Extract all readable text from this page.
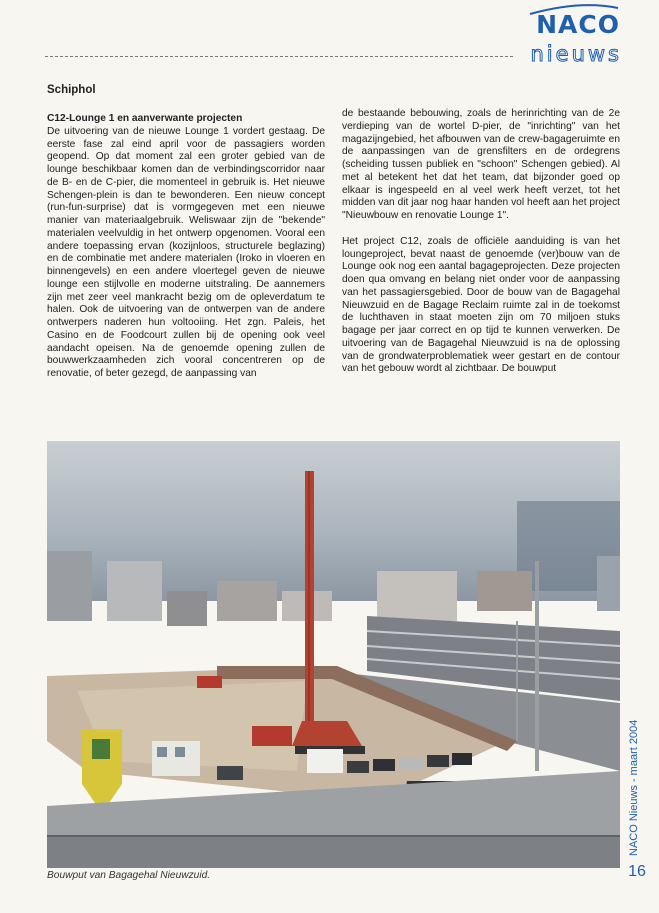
NACO
nieuws
Schiphol
C12-Lounge 1 en aanverwante projecten

De uitvoering van de nieuwe Lounge 1 vordert gestaag. De eerste fase zal eind april voor de passagiers worden geopend. Op dat moment zal een groter gebied van de lounge beschikbaar komen dan de verbindingscorridor naar de B- en de C-pier, die momenteel in gebruik is. Het nieuwe Schengen-plein is dan te bewonderen. Een nieuw concept (run-fun-surprise) dat is vormgegeven met een nieuwe manier van materiaalgebruik. Weliswaar zijn de "bekende" materialen veelvuldig in het ontwerp opgenomen. Vooral een andere toepassing ervan (kozijnloos, structurele beglazing) en de combinatie met andere materialen (Iroko in vloeren en binnengevels) en een andere vloertegel geven de nieuwe lounge een stijlvolle en moderne uitstraling. De aannemers zijn met zeer veel mankracht bezig om de opleverdatum te halen. Ook de uitvoering van de ontwerpen van de andere ontwerpers naderen hun voltooiing. Het zgn. Paleis, het Casino en de Foodcourt zullen bij de opening ook veel aandacht opeisen. Na de genoemde opening zullen de bouwwerkzaamheden zich vooral concentreren op de renovatie, of beter gezegd, de aanpassing van

de bestaande bebouwing, zoals de herinrichting van de 2e verdieping van de wortel D-pier, de "inrichting" van het magazijngebied, het afbouwen van de crew-bagageruimte en de aanpassingen van de grensfilters en de ordegrens (scheiding tussen publiek en "schoon" Schengen gebied). Al met al betekent het dat het team, dat bijzonder goed op elkaar is ingespeeld en al veel werk heeft verzet, tot het midden van dit jaar nog haar handen vol heeft aan het project "Nieuwbouw en renovatie Lounge 1".

Het project C12, zoals de officiële aanduiding is van het loungeproject, bevat naast de genoemde (ver)bouw van de Lounge ook nog een aantal bagageprojecten. Deze projecten doen qua omvang en belang niet onder voor de aanpassing van het passagiersgebied. Door de bouw van de Bagagehal Nieuwzuid en de Bagage Reclaim ruimte zal in de toekomst de luchthaven in staat moeten zijn om 70 miljoen stuks bagage per jaar correct en op tijd te kunnen verwerken. De uitvoering van de Bagagehal Nieuwzuid is na de oplossing van de grondwaterproblematiek weer gestart en de contour van het gebouw wordt al zichtbaar. De bouwput

Bouwput van Bagagehal Nieuwzuid.
NACO Nieuws - maart 2004
16
